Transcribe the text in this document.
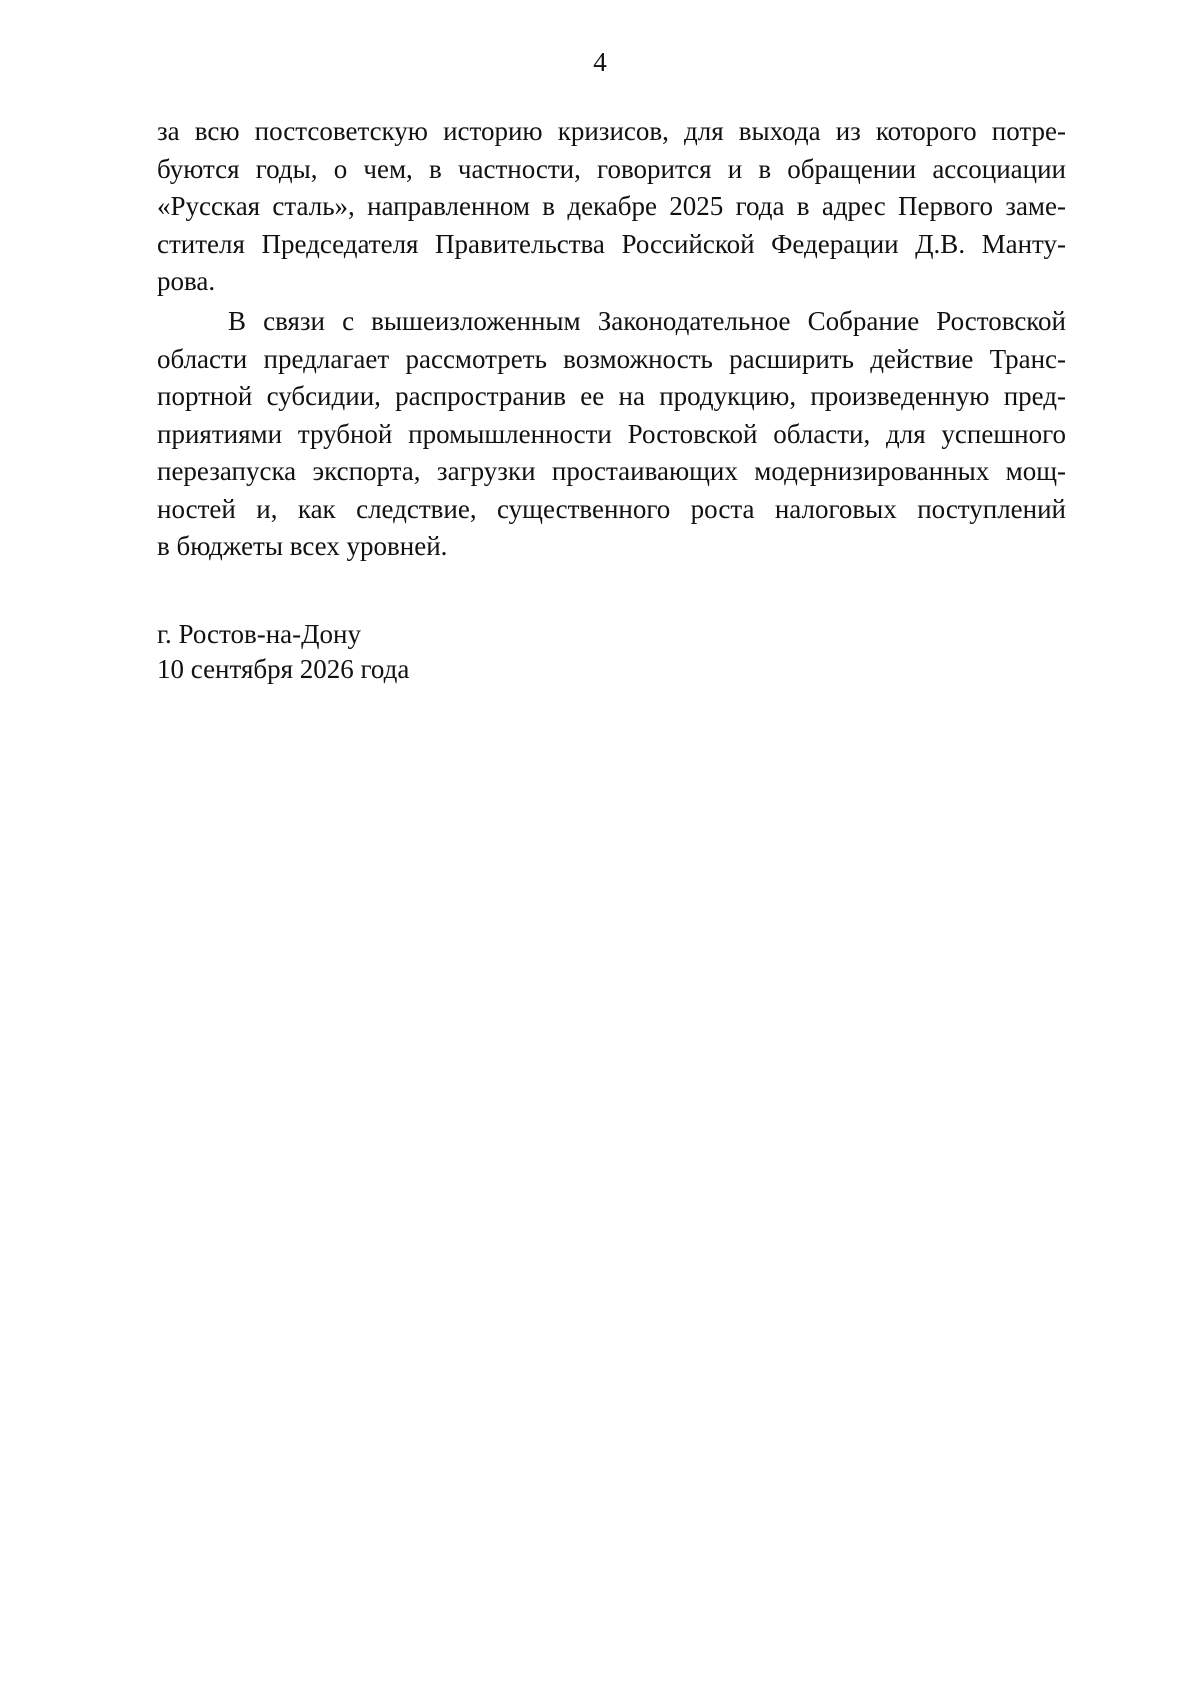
4
за всю постсоветскую историю кризисов, для выхода из которого потре-
буются годы, о чем, в частности, говорится и в обращении ассоциации
«Русская сталь», направленном в декабре 2025 года в адрес Первого заме-
стителя Председателя Правительства Российской Федерации Д.В. Манту-
рова.
В связи с вышеизложенным Законодательное Собрание Ростовской
области предлагает рассмотреть возможность расширить действие Транс-
портной субсидии, распространив ее на продукцию, произведенную пред-
приятиями трубной промышленности Ростовской области, для успешного
перезапуска экспорта, загрузки простаивающих модернизированных мощ-
ностей и, как следствие, существенного роста налоговых поступлений
в бюджеты всех уровней.
г. Ростов-на-Дону
10 сентября 2026 года
